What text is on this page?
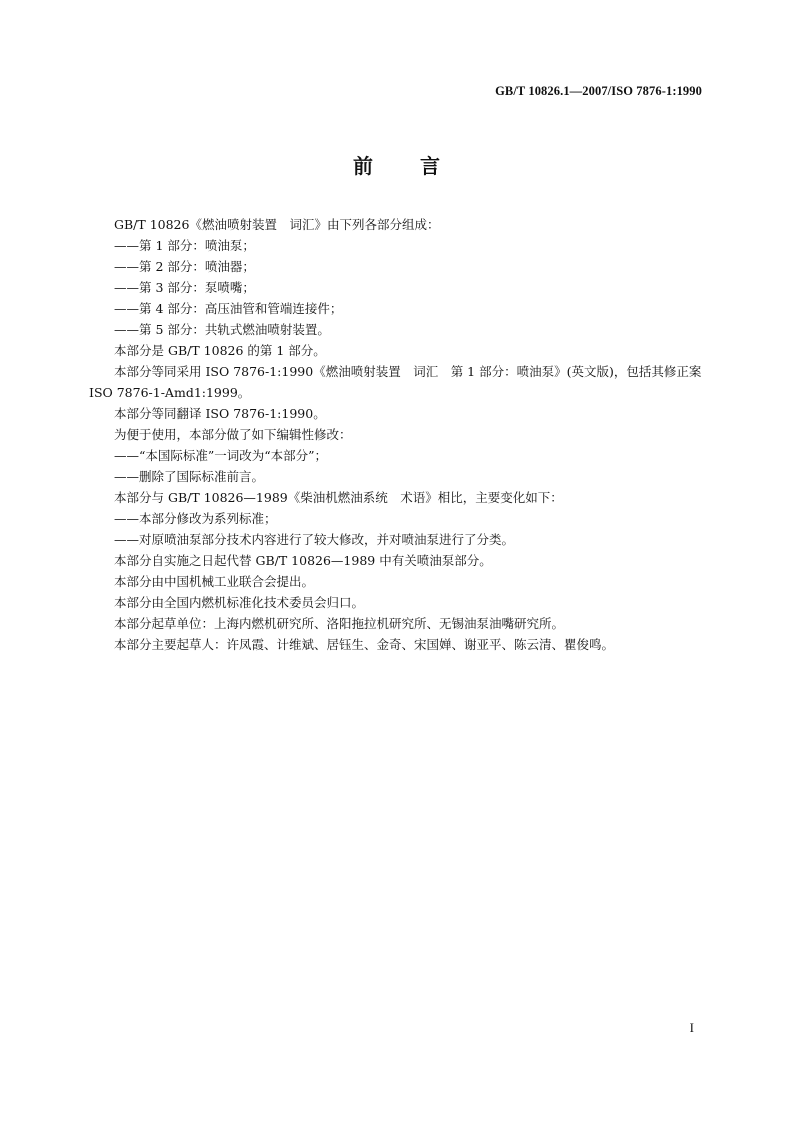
GB/T 10826.1—2007/ISO 7876-1:1990
前 言

GB/T 10826《燃油喷射装置　词汇》由下列各部分组成：

——第 1 部分：喷油泵；

——第 2 部分：喷油器；

——第 3 部分：泵喷嘴；

——第 4 部分：高压油管和管端连接件；

——第 5 部分：共轨式燃油喷射装置。

本部分是 GB/T 10826 的第 1 部分。

本部分等同采用 ISO 7876-1:1990《燃油喷射装置　词汇　第 1 部分：喷油泵》(英文版)，包括其修正案 ISO 7876-1-Amd1:1999。

本部分等同翻译 ISO 7876-1:1990。

为便于使用，本部分做了如下编辑性修改：

——“本国际标准”一词改为“本部分”；

——删除了国际标准前言。

本部分与 GB/T 10826—1989《柴油机燃油系统　术语》相比，主要变化如下：

——本部分修改为系列标准；

——对原喷油泵部分技术内容进行了较大修改，并对喷油泵进行了分类。

本部分自实施之日起代替 GB/T 10826—1989 中有关喷油泵部分。

本部分由中国机械工业联合会提出。

本部分由全国内燃机标准化技术委员会归口。

本部分起草单位：上海内燃机研究所、洛阳拖拉机研究所、无锡油泵油嘴研究所。

本部分主要起草人：许凤霞、计维斌、居钰生、金奇、宋国婵、谢亚平、陈云清、瞿俊鸣。

I
